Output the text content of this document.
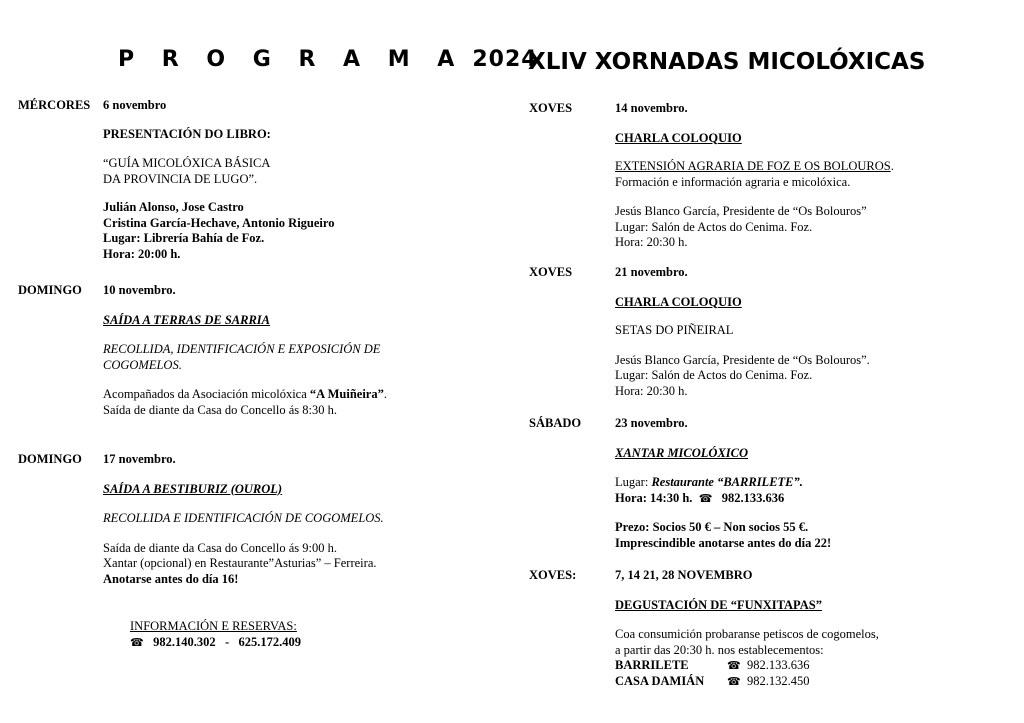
P R O G R A M A 2024
XLIV XORNADAS MICOLÓXICAS
MÉRCORES 6 novembro
PRESENTACIÓN DO LIBRO:
“GUÍA MICOLÓXICA BÁSICA
DA PROVINCIA DE LUGO”.
Julián Alonso, Jose Castro
Cristina García-Hechave, Antonio Rigueiro
Lugar: Librería Bahía de Foz.
Hora: 20:00 h.
DOMINGO 10 novembro.
SAÍDA A TERRAS DE SARRIA
RECOLLIDA, IDENTIFICACIÓN E EXPOSICIÓN DE
COGOMELOS.
Acompañados da Asociación micolóxica “A Muiñeira”.
Saída de diante da Casa do Concello ás 8:30 h.
DOMINGO 17 novembro.
SAÍDA A BESTIBURIZ (OUROL)
RECOLLIDA E IDENTIFICACIÓN DE COGOMELOS.
Saída de diante da Casa do Concello ás 9:00 h.
Xantar (opcional) en Restaurante”Asturias” – Ferreira.
Anotarse antes do día 16!
INFORMACIÓN E RESERVAS:
☎ 982.140.302   -   625.172.409
XOVES	14 novembro.
CHARLA COLOQUIO
EXTENSIÓN AGRARIA DE FOZ E OS BOLOUROS.
Formación e información agraria e micolóxica.
Jesús Blanco García, Presidente de “Os Bolouros”
Lugar: Salón de Actos do Cenima. Foz.
Hora: 20:30 h.
XOVES	21 novembro.
CHARLA COLOQUIO
SETAS DO PIÑEIRAL
Jesús Blanco García, Presidente de “Os Bolouros”.
Lugar: Salón de Actos do Cenima. Foz.
Hora: 20:30 h.
SÁBADO	23 novembro.
XANTAR MICOLÓXICO
Lugar: Restaurante “BARRILETE”.
Hora: 14:30 h. ☎ 982.133.636
Prezo: Socios 50 € – Non socios 55 €.
Imprescindible anotarse antes do día 22!
XOVES:	7, 14 21, 28 NOVEMBRO
DEGUSTACIÓN DE “FUNXITAPAS”
Coa consumición probaranse petiscos de cogomelos,
a partir das 20:30 h. nos establecementos:
BARRILETE	☎ 982.133.636
CASA DAMIÁN ☎ 982.132.450
